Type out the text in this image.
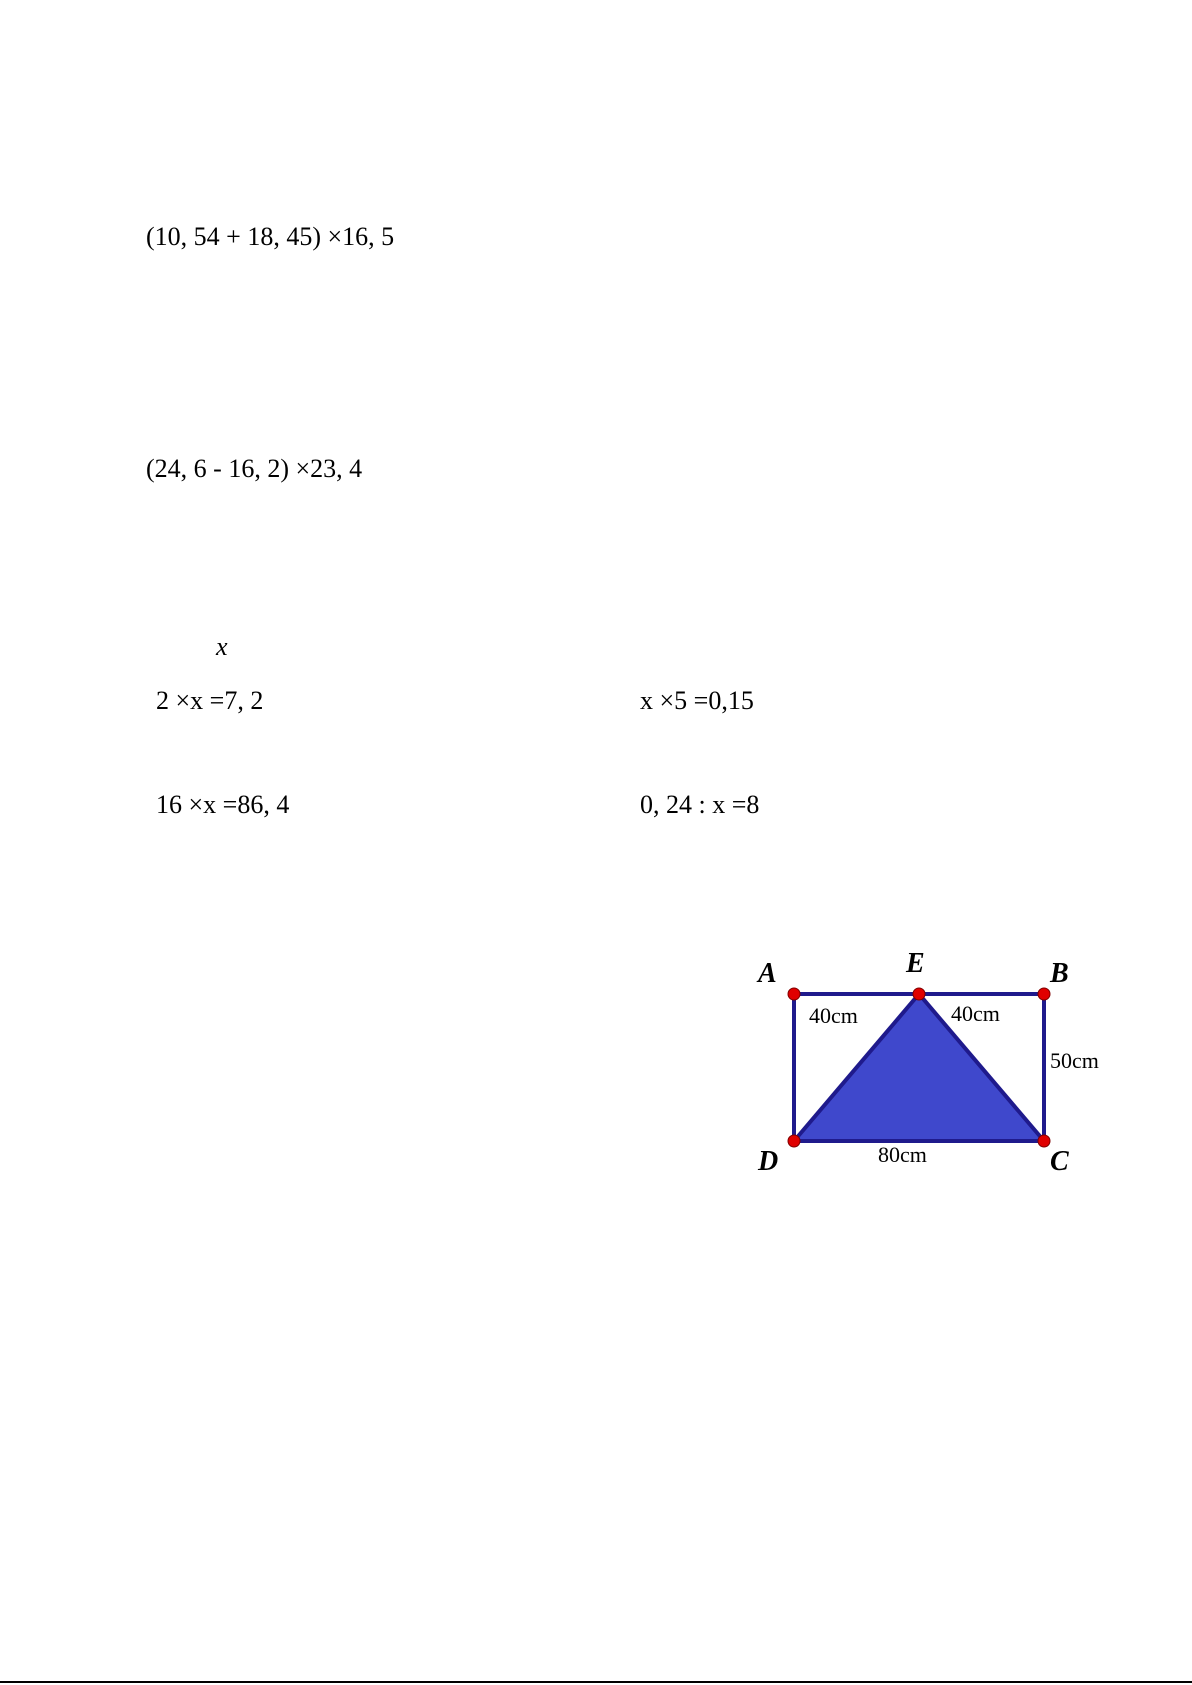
(10, 54 + 18, 45) ×16, 5
(24, 6 - 16, 2) ×23, 4
x
2 ×x =7, 2	x ×5 =0,15
16 ×x =86, 4	0, 24 : x =8
A	E	B
D	C
40cm	40cm
50cm
80cm
